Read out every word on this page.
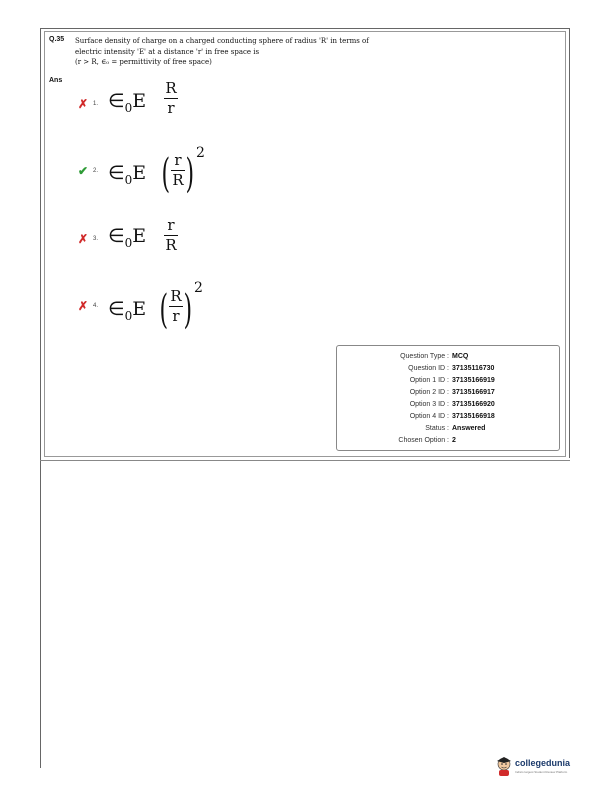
Q.35 Surface density of charge on a charged conducting sphere of radius 'R' in terms of
electric intensity 'E' at a distance 'r' in free space is
(r > R, ∈₀ = permittivity of free space)
Ans
✗ 1. $\in_0E$
R
r
✔ 2. $\in_0E$ ( r
R ) 2
✗ 3. $\in_0E$ r
R
✗ 4. $\in_0E$ ( R
r ) 2
Question Type : MCQ
Question ID : 37135116730
Option 1 ID : 37135166919
Option 2 ID : 37135166917
Option 3 ID : 37135166920
Option 4 ID : 37135166918
Status : Answered
Chosen Option : 2
collegedunia
India's largest Student Review Platform
